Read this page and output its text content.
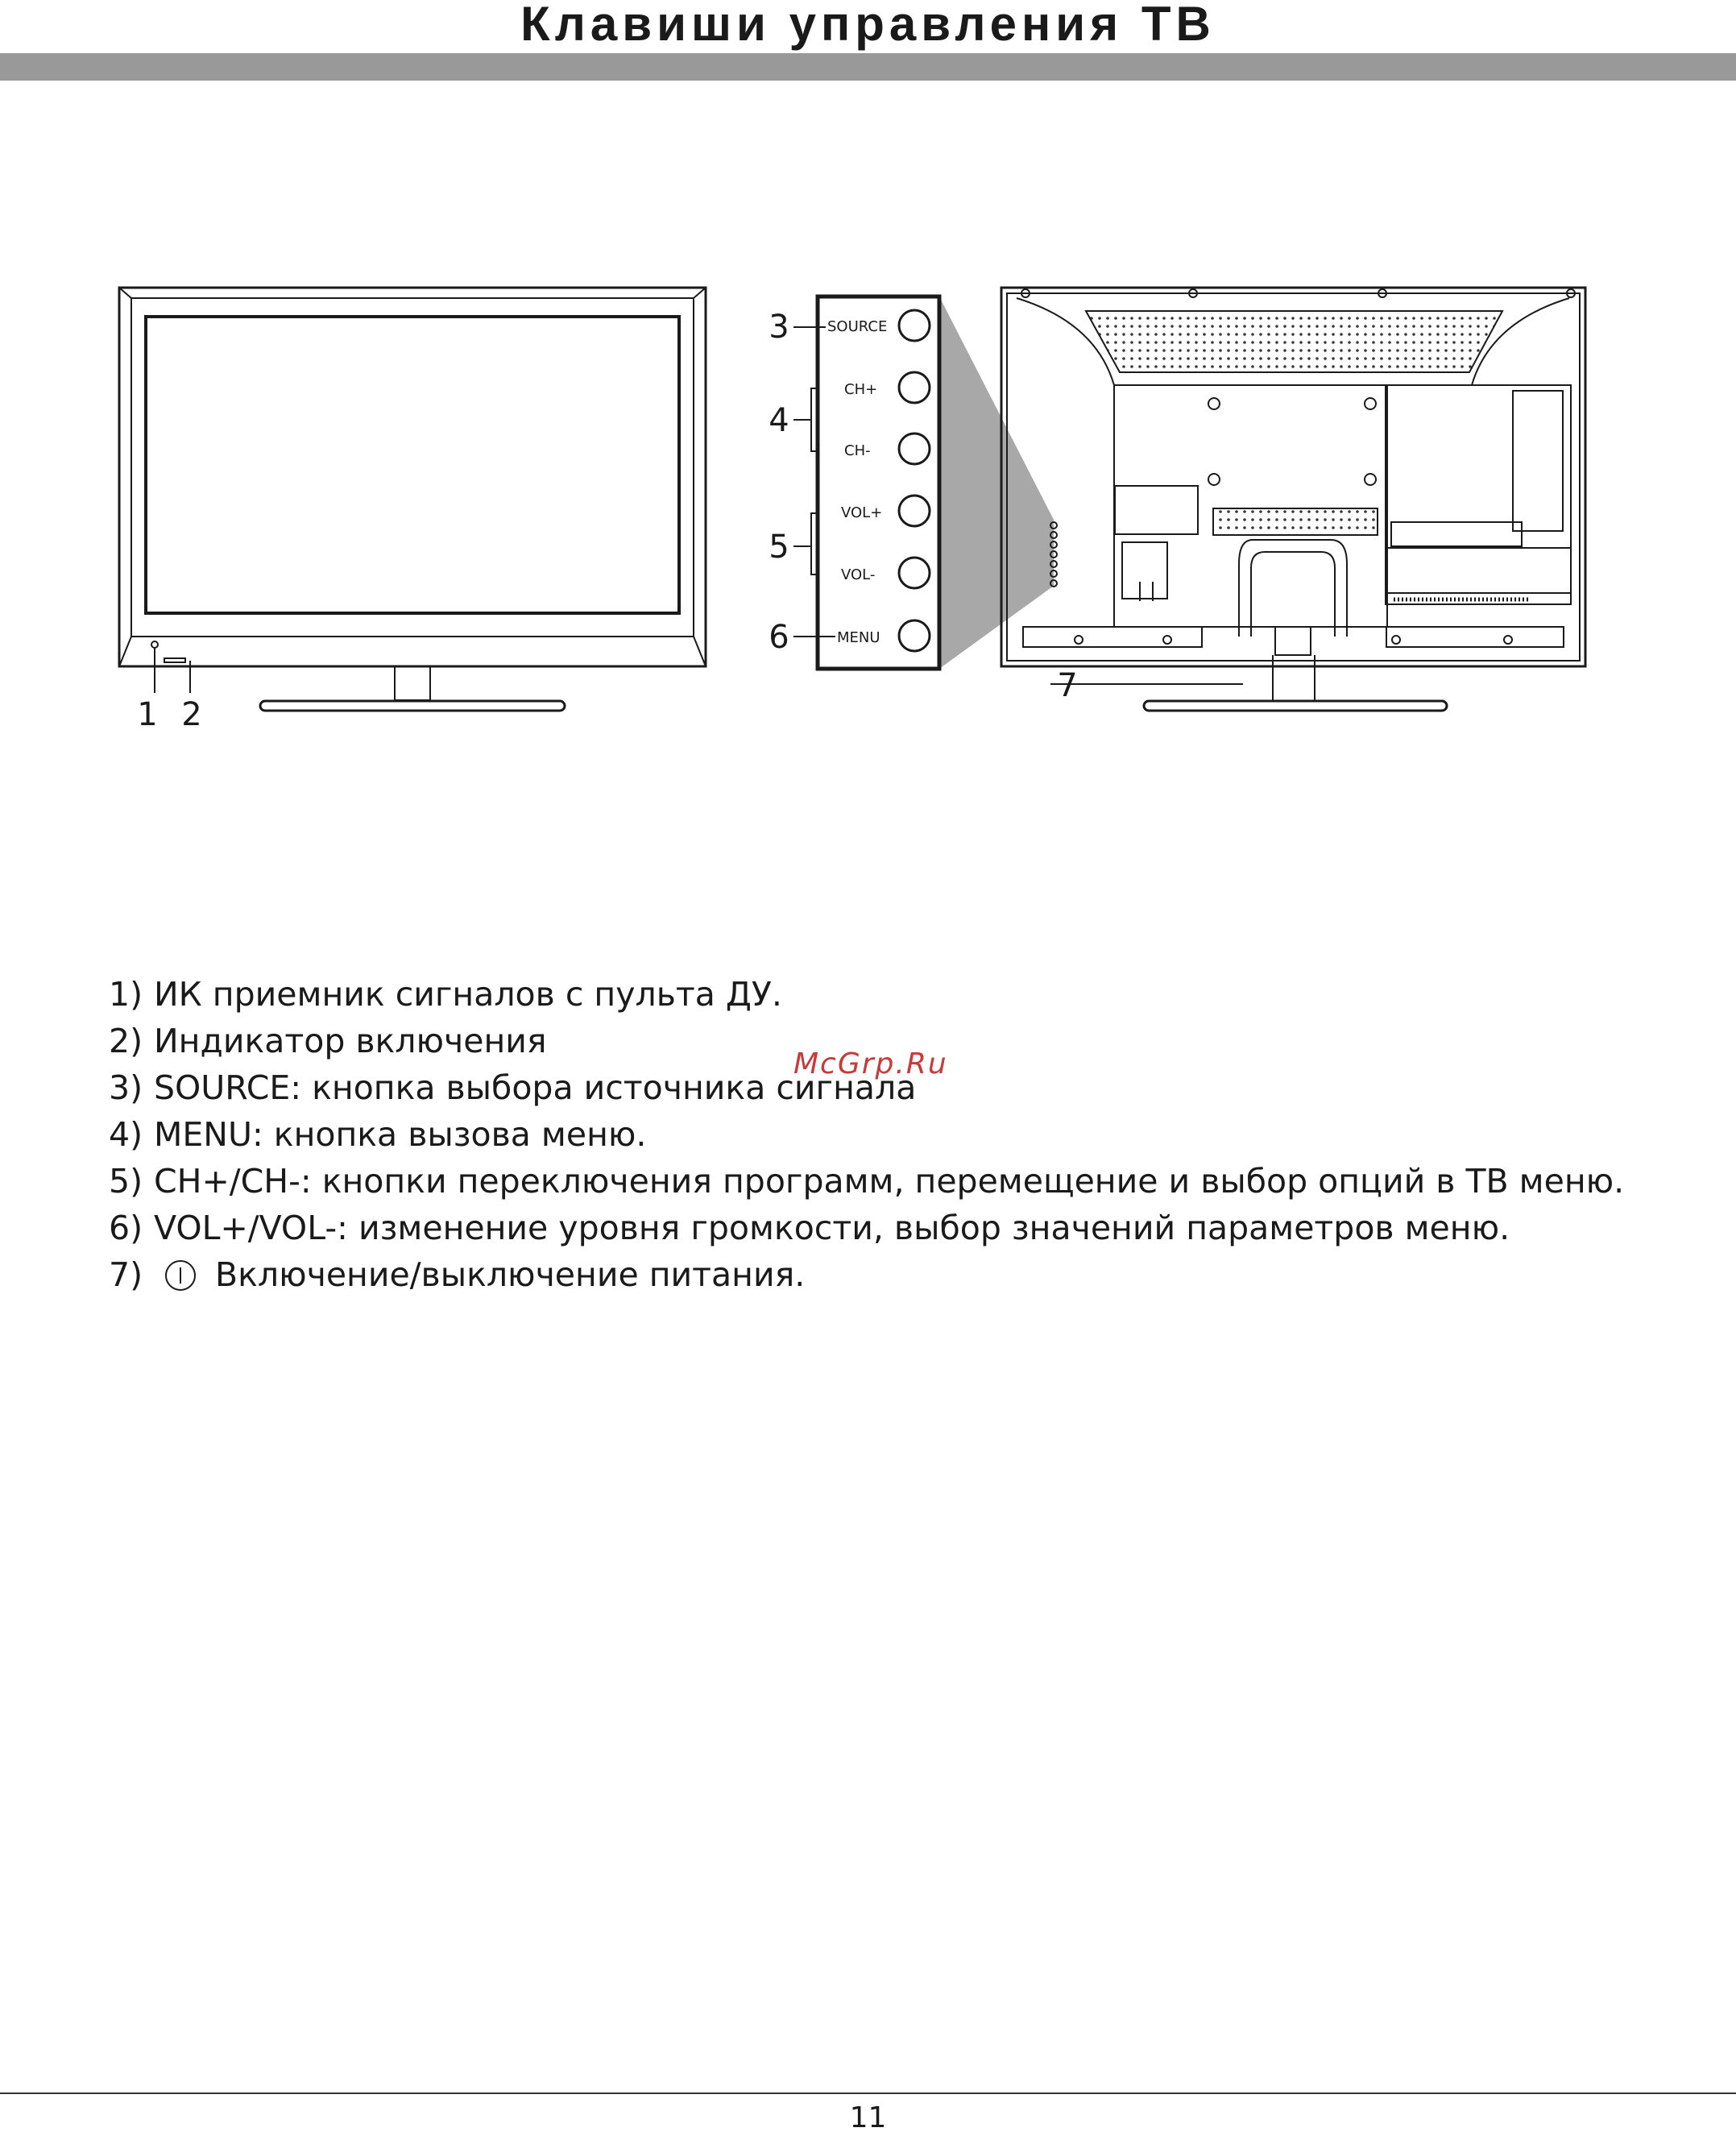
Клавиши управления ТВ
1 2
SOURCE
CH+
CH-
VOL+
VOL-
MENU
3
4
5
6
7
1) ИК приемник сигналов с пульта ДУ.
2) Индикатор включения
3) SOURCE: кнопка выбора источника сигнала
4) MENU: кнопка вызова меню.
5) CH+/CH-: кнопки переключения программ, перемещение и выбор опций в ТВ меню.
6) VOL+/VOL-: изменение уровня громкости, выбор значений параметров меню.
7) Включение/выключение питания.
McGrp.Ru
11
